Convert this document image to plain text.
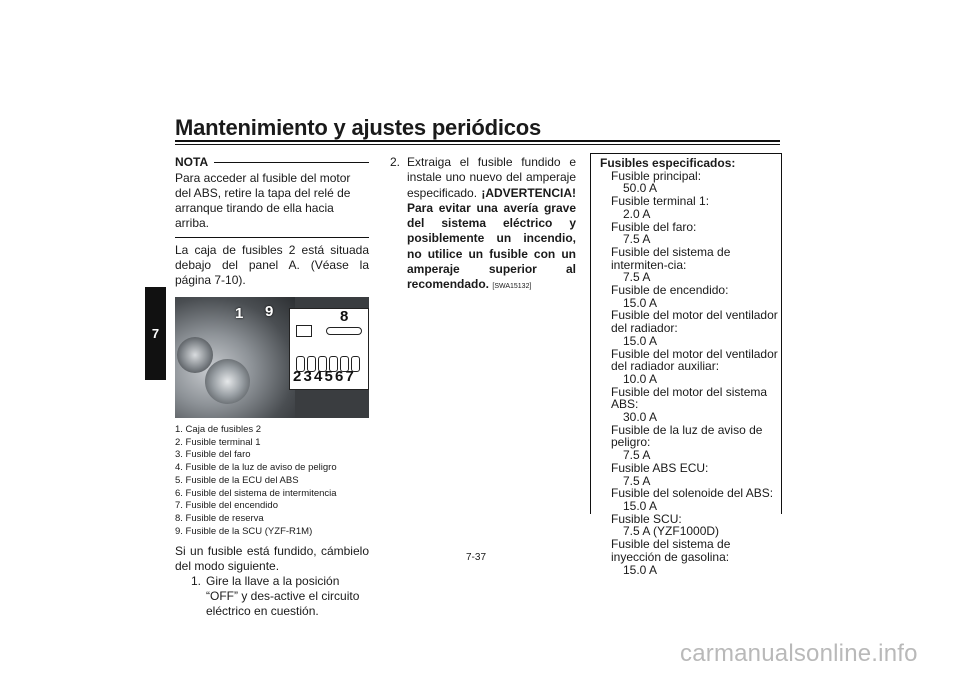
Mantenimiento y ajustes periódicos
7
NOTA
Para acceder al fusible del motor del ABS, retire la tapa del relé de arranque tirando de ella hacia arriba.
La caja de fusibles 2 está situada debajo del panel A. (Véase la página 7-10).
1 9	8
2 3 4 5 6 7
1. Caja de fusibles 2
2. Fusible terminal 1
3. Fusible del faro
4. Fusible de la luz de aviso de peligro
5. Fusible de la ECU del ABS
6. Fusible del sistema de intermitencia
7. Fusible del encendido
8. Fusible de reserva
9. Fusible de la SCU (YZF-R1M)
Si un fusible está fundido, cámbielo del modo siguiente.
1. Gire la llave a la posición “OFF” y des-active el circuito eléctrico en cuestión.
2. Extraiga el fusible fundido e instale uno nuevo del amperaje especificado. ¡ADVERTENCIA! Para evitar una avería grave del sistema eléctrico y posiblemente un incendio, no utilice un fusible con un amperaje superior al recomendado. [SWA15132]
Fusibles especificados:
Fusible principal:
50.0 A
Fusible terminal 1:
2.0 A
Fusible del faro:
7.5 A
Fusible del sistema de intermiten-cia:
7.5 A
Fusible de encendido:
15.0 A
Fusible del motor del ventilador del radiador:
15.0 A
Fusible del motor del ventilador del radiador auxiliar:
10.0 A
Fusible del motor del sistema ABS:
30.0 A
Fusible de la luz de aviso de peligro:
7.5 A
Fusible ABS ECU:
7.5 A
Fusible del solenoide del ABS:
15.0 A
Fusible SCU:
7.5 A (YZF1000D)
Fusible del sistema de inyección de gasolina:
15.0 A
7-37
carmanualsonline.info
